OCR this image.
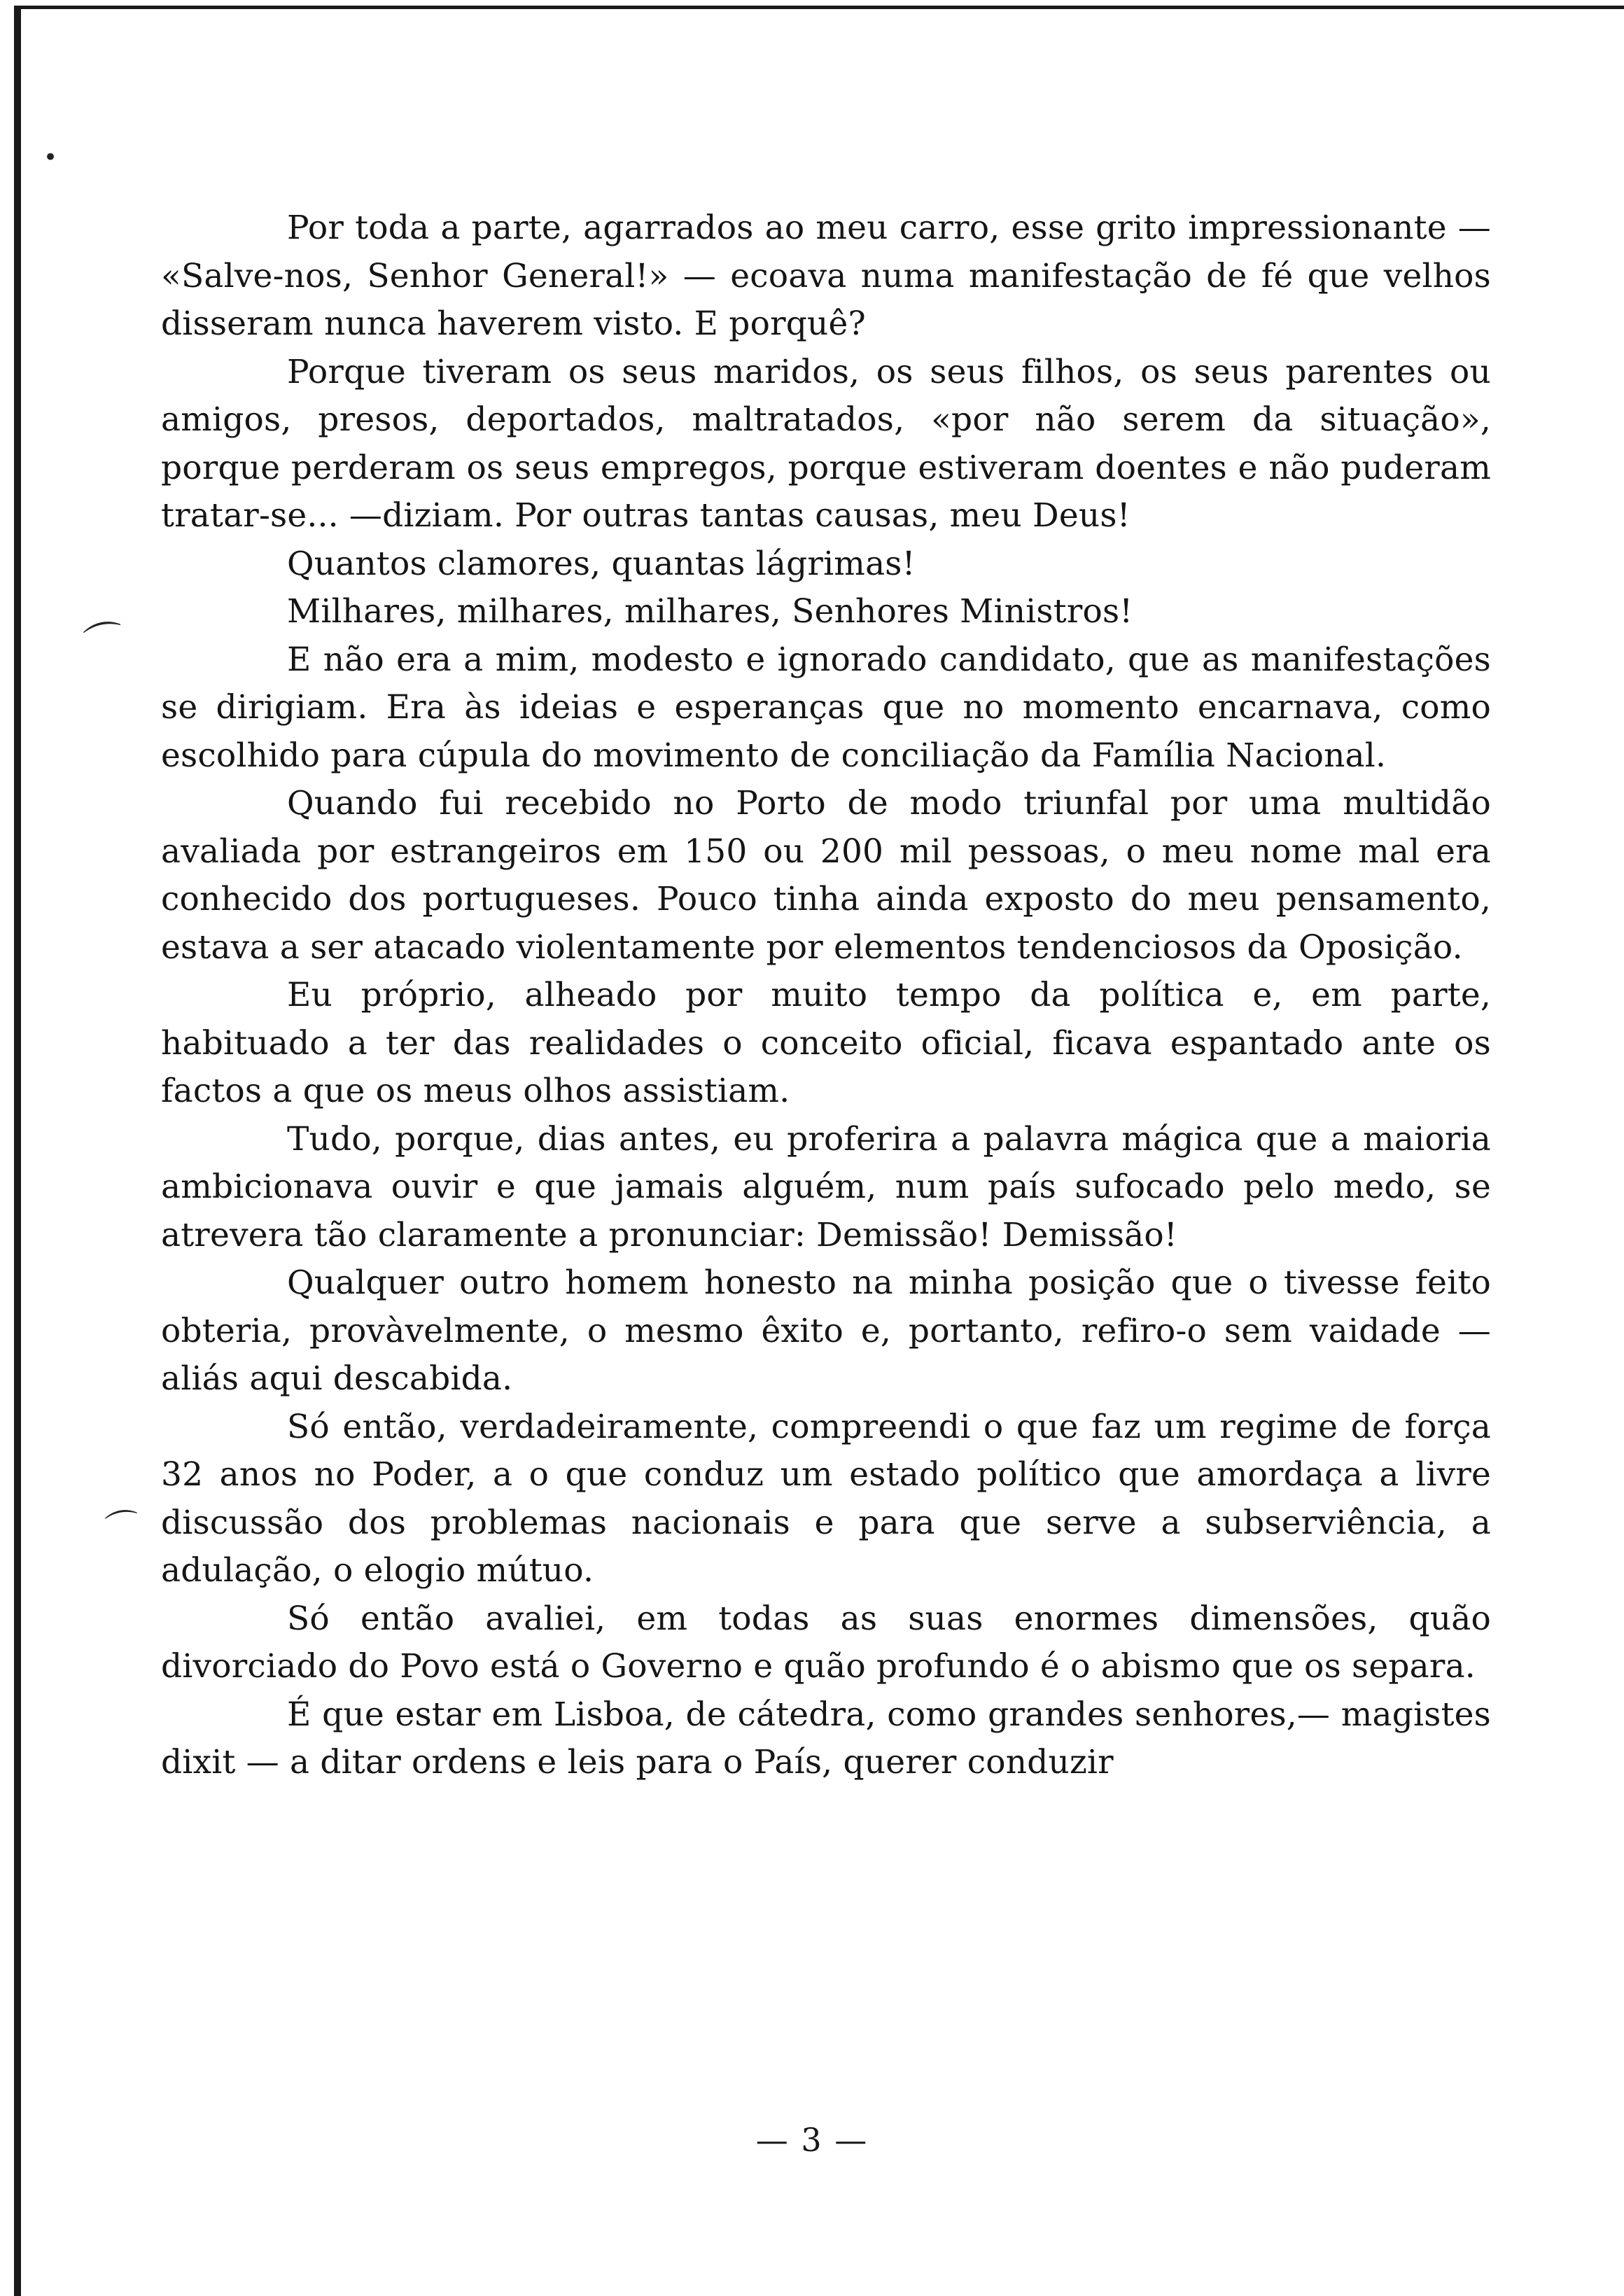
•
⌒
⌒

Por toda a parte, agarrados ao meu carro, esse grito impressionante — «Salve-nos, Senhor General!» — ecoava numa manifestação de fé que velhos disseram nunca haverem visto. E porquê?

Porque tiveram os seus maridos, os seus filhos, os seus parentes ou amigos, presos, deportados, maltratados, «por não serem da situação», porque perderam os seus empregos, porque estiveram doentes e não puderam tratar-se... —diziam. Por outras tantas causas, meu Deus!

Quantos clamores, quantas lágrimas!

Milhares, milhares, milhares, Senhores Ministros!

E não era a mim, modesto e ignorado candidato, que as manifestações se dirigiam. Era às ideias e esperanças que no momento encarnava, como escolhido para cúpula do movimento de conciliação da Família Nacional.

Quando fui recebido no Porto de modo triunfal por uma multidão avaliada por estrangeiros em 150 ou 200 mil pessoas, o meu nome mal era conhecido dos portugueses. Pouco tinha ainda exposto do meu pensamento, estava a ser atacado violentamente por elementos tendenciosos da Oposição.

Eu próprio, alheado por muito tempo da política e, em parte, habituado a ter das realidades o conceito oficial, ficava espantado ante os factos a que os meus olhos assistiam.

Tudo, porque, dias antes, eu proferira a palavra mágica que a maioria ambicionava ouvir e que jamais alguém, num país sufocado pelo medo, se atrevera tão claramente a pronunciar: Demissão! Demissão!

Qualquer outro homem honesto na minha posição que o tivesse feito obteria, provàvelmente, o mesmo êxito e, portanto, refiro-o sem vaidade — aliás aqui descabida.

Só então, verdadeiramente, compreendi o que faz um regime de força 32 anos no Poder, a o que conduz um estado político que amordaça a livre discussão dos problemas nacionais e para que serve a subserviência, a adulação, o elogio mútuo.

Só então avaliei, em todas as suas enormes dimensões, quão divorciado do Povo está o Governo e quão profundo é o abismo que os separa.

É que estar em Lisboa, de cátedra, como grandes senhores,— magistes dixit — a ditar ordens e leis para o País, querer conduzir

— 3 —
